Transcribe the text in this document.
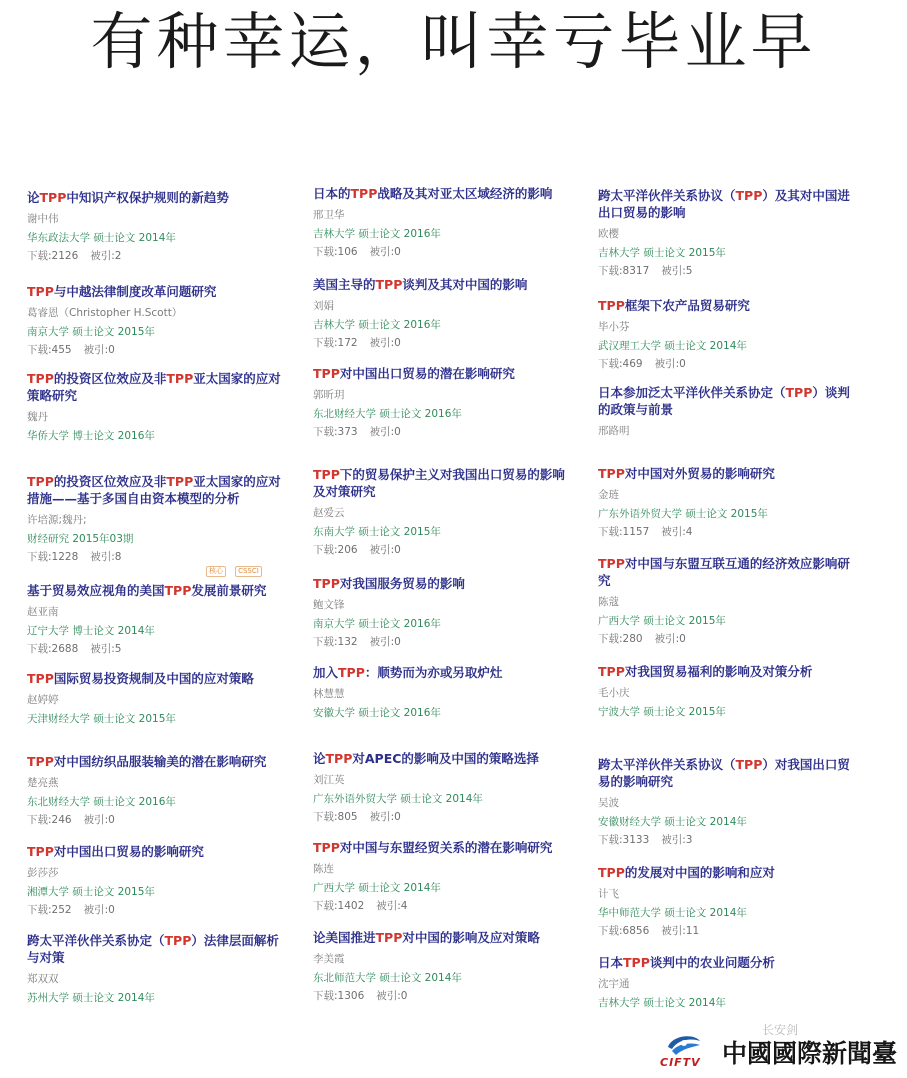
有种幸运，叫幸亏毕业早
论TPP中知识产权保护规则的新趋势
谢中伟
华东政法大学 硕士论文 2014年
下载:2126 被引:2
TPP与中越法律制度改革问题研究
葛睿恩（Christopher H.Scott）
南京大学 硕士论文 2015年
下载:455 被引:0
TPP的投资区位效应及非TPP亚太国家的应对策略研究
魏丹
华侨大学 博士论文 2016年
TPP的投资区位效应及非TPP亚太国家的应对措施——基于多国自由资本模型的分析
许培源;魏丹;
财经研究 2015年03期
下载:1228 被引:8
基于贸易效应视角的美国TPP发展前景研究
赵亚南
辽宁大学 博士论文 2014年
下载:2688 被引:5
TPP国际贸易投资规制及中国的应对策略
赵婷婷
天津财经大学 硕士论文 2015年
TPP对中国纺织品服装输美的潜在影响研究
楚亮燕
东北财经大学 硕士论文 2016年
下载:246 被引:0
TPP对中国出口贸易的影响研究
彭莎莎
湘潭大学 硕士论文 2015年
下载:252 被引:0
跨太平洋伙伴关系协定（TPP）法律层面解析与对策
郑双双
苏州大学 硕士论文 2014年
日本的TPP战略及其对亚太区域经济的影响
邢卫华
吉林大学 硕士论文 2016年
下载:106 被引:0
美国主导的TPP谈判及其对中国的影响
刘娟
吉林大学 硕士论文 2016年
下载:172 被引:0
TPP对中国出口贸易的潜在影响研究
郭昕玥
东北财经大学 硕士论文 2016年
下载:373 被引:0
TPP下的贸易保护主义对我国出口贸易的影响及对策研究
赵爱云
东南大学 硕士论文 2015年
下载:206 被引:0
TPP对我国服务贸易的影响
鲍文锋
南京大学 硕士论文 2016年
下载:132 被引:0
加入TPP：顺势而为亦或另取炉灶
林慧慧
安徽大学 硕士论文 2016年
论TPP对APEC的影响及中国的策略选择
刘江英
广东外语外贸大学 硕士论文 2014年
下载:805 被引:0
TPP对中国与东盟经贸关系的潜在影响研究
陈连
广西大学 硕士论文 2014年
下载:1402 被引:4
论美国推进TPP对中国的影响及应对策略
李美霞
东北师范大学 硕士论文 2014年
下载:1306 被引:0
跨太平洋伙伴关系协议（TPP）及其对中国进出口贸易的影响
欧樱
吉林大学 硕士论文 2015年
下载:8317 被引:5
TPP框架下农产品贸易研究
毕小芬
武汉理工大学 硕士论文 2014年
下载:469 被引:0
日本参加泛太平洋伙伴关系协定（TPP）谈判的政策与前景
邢路明
TPP对中国对外贸易的影响研究
金琏
广东外语外贸大学 硕士论文 2015年
下载:1157 被引:4
TPP对中国与东盟互联互通的经济效应影响研究
陈蔻
广西大学 硕士论文 2015年
下载:280 被引:0
TPP对我国贸易福利的影响及对策分析
毛小庆
宁波大学 硕士论文 2015年
跨太平洋伙伴关系协议（TPP）对我国出口贸易的影响研究
吴波
安徽财经大学 硕士论文 2014年
下载:3133 被引:3
TPP的发展对中国的影响和应对
计飞
华中师范大学 硕士论文 2014年
下载:6856 被引:11
日本TPP谈判中的农业问题分析
沈宇通
吉林大学 硕士论文 2014年
核心 CSSCI
CIFTV 中國國際新聞臺
长安剑
